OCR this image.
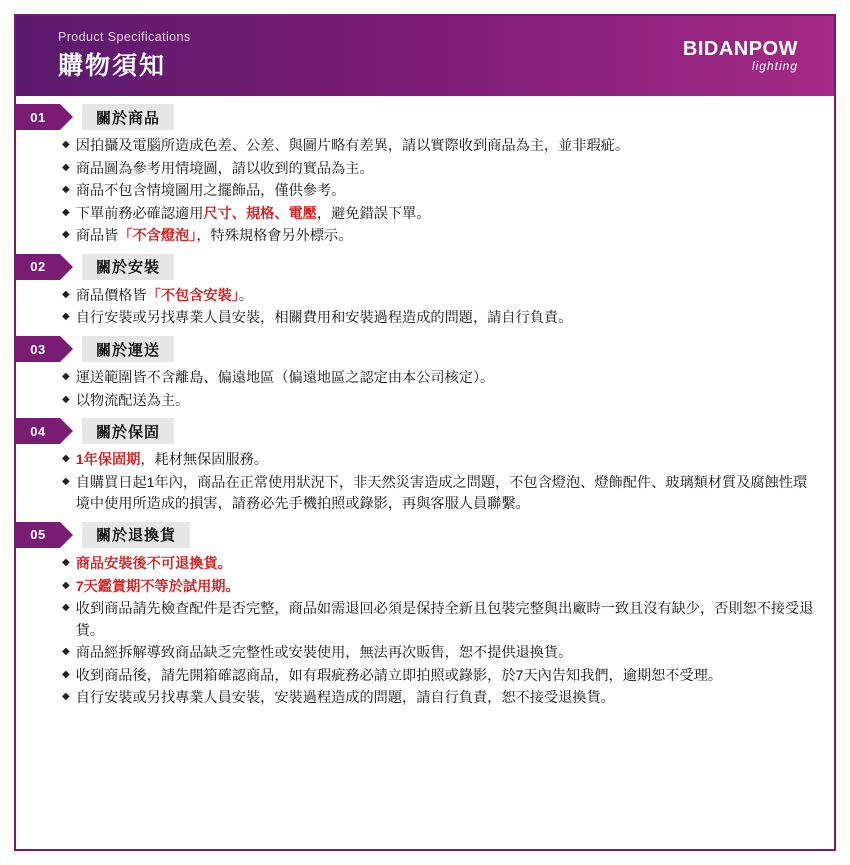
Product Specifications
購物須知
BIDANPOW
lighting
01	關於商品
◆ 因拍攝及電腦所造成色差、公差、與圖片略有差異，請以實際收到商品為主，並非瑕疵。
◆ 商品圖為參考用情境圖，請以收到的實品為主。
◆ 商品不包含情境圖用之擺飾品，僅供參考。
◆ 下單前務必確認適用尺寸、規格、電壓，避免錯誤下單。
◆ 商品皆「不含燈泡」，特殊規格會另外標示。
02	關於安裝
◆ 商品價格皆「不包含安裝」。
◆ 自行安裝或另找專業人員安裝，相關費用和安裝過程造成的問題，請自行負責。
03	關於運送
◆ 運送範圍皆不含離島、偏遠地區（偏遠地區之認定由本公司核定）。
◆ 以物流配送為主。
04	關於保固
◆ 1年保固期，耗材無保固服務。
◆ 自購買日起1年內，商品在正常使用狀況下，非天然災害造成之問題，不包含燈泡、燈飾配件、玻璃類材質及腐蝕性環境中使用所造成的損害，請務必先手機拍照或錄影，再與客服人員聯繫。
05	關於退換貨
◆ 商品安裝後不可退換貨。
◆ 7天鑑賞期不等於試用期。
◆ 收到商品請先檢查配件是否完整，商品如需退回必須是保持全新且包裝完整與出廠時一致且沒有缺少，否則恕不接受退貨。
◆ 商品經拆解導致商品缺乏完整性或安裝使用，無法再次販售，恕不提供退換貨。
◆ 收到商品後，請先開箱確認商品，如有瑕疵務必請立即拍照或錄影，於7天內告知我們，逾期恕不受理。
◆ 自行安裝或另找專業人員安裝，安裝過程造成的問題，請自行負責，恕不接受退換貨。
